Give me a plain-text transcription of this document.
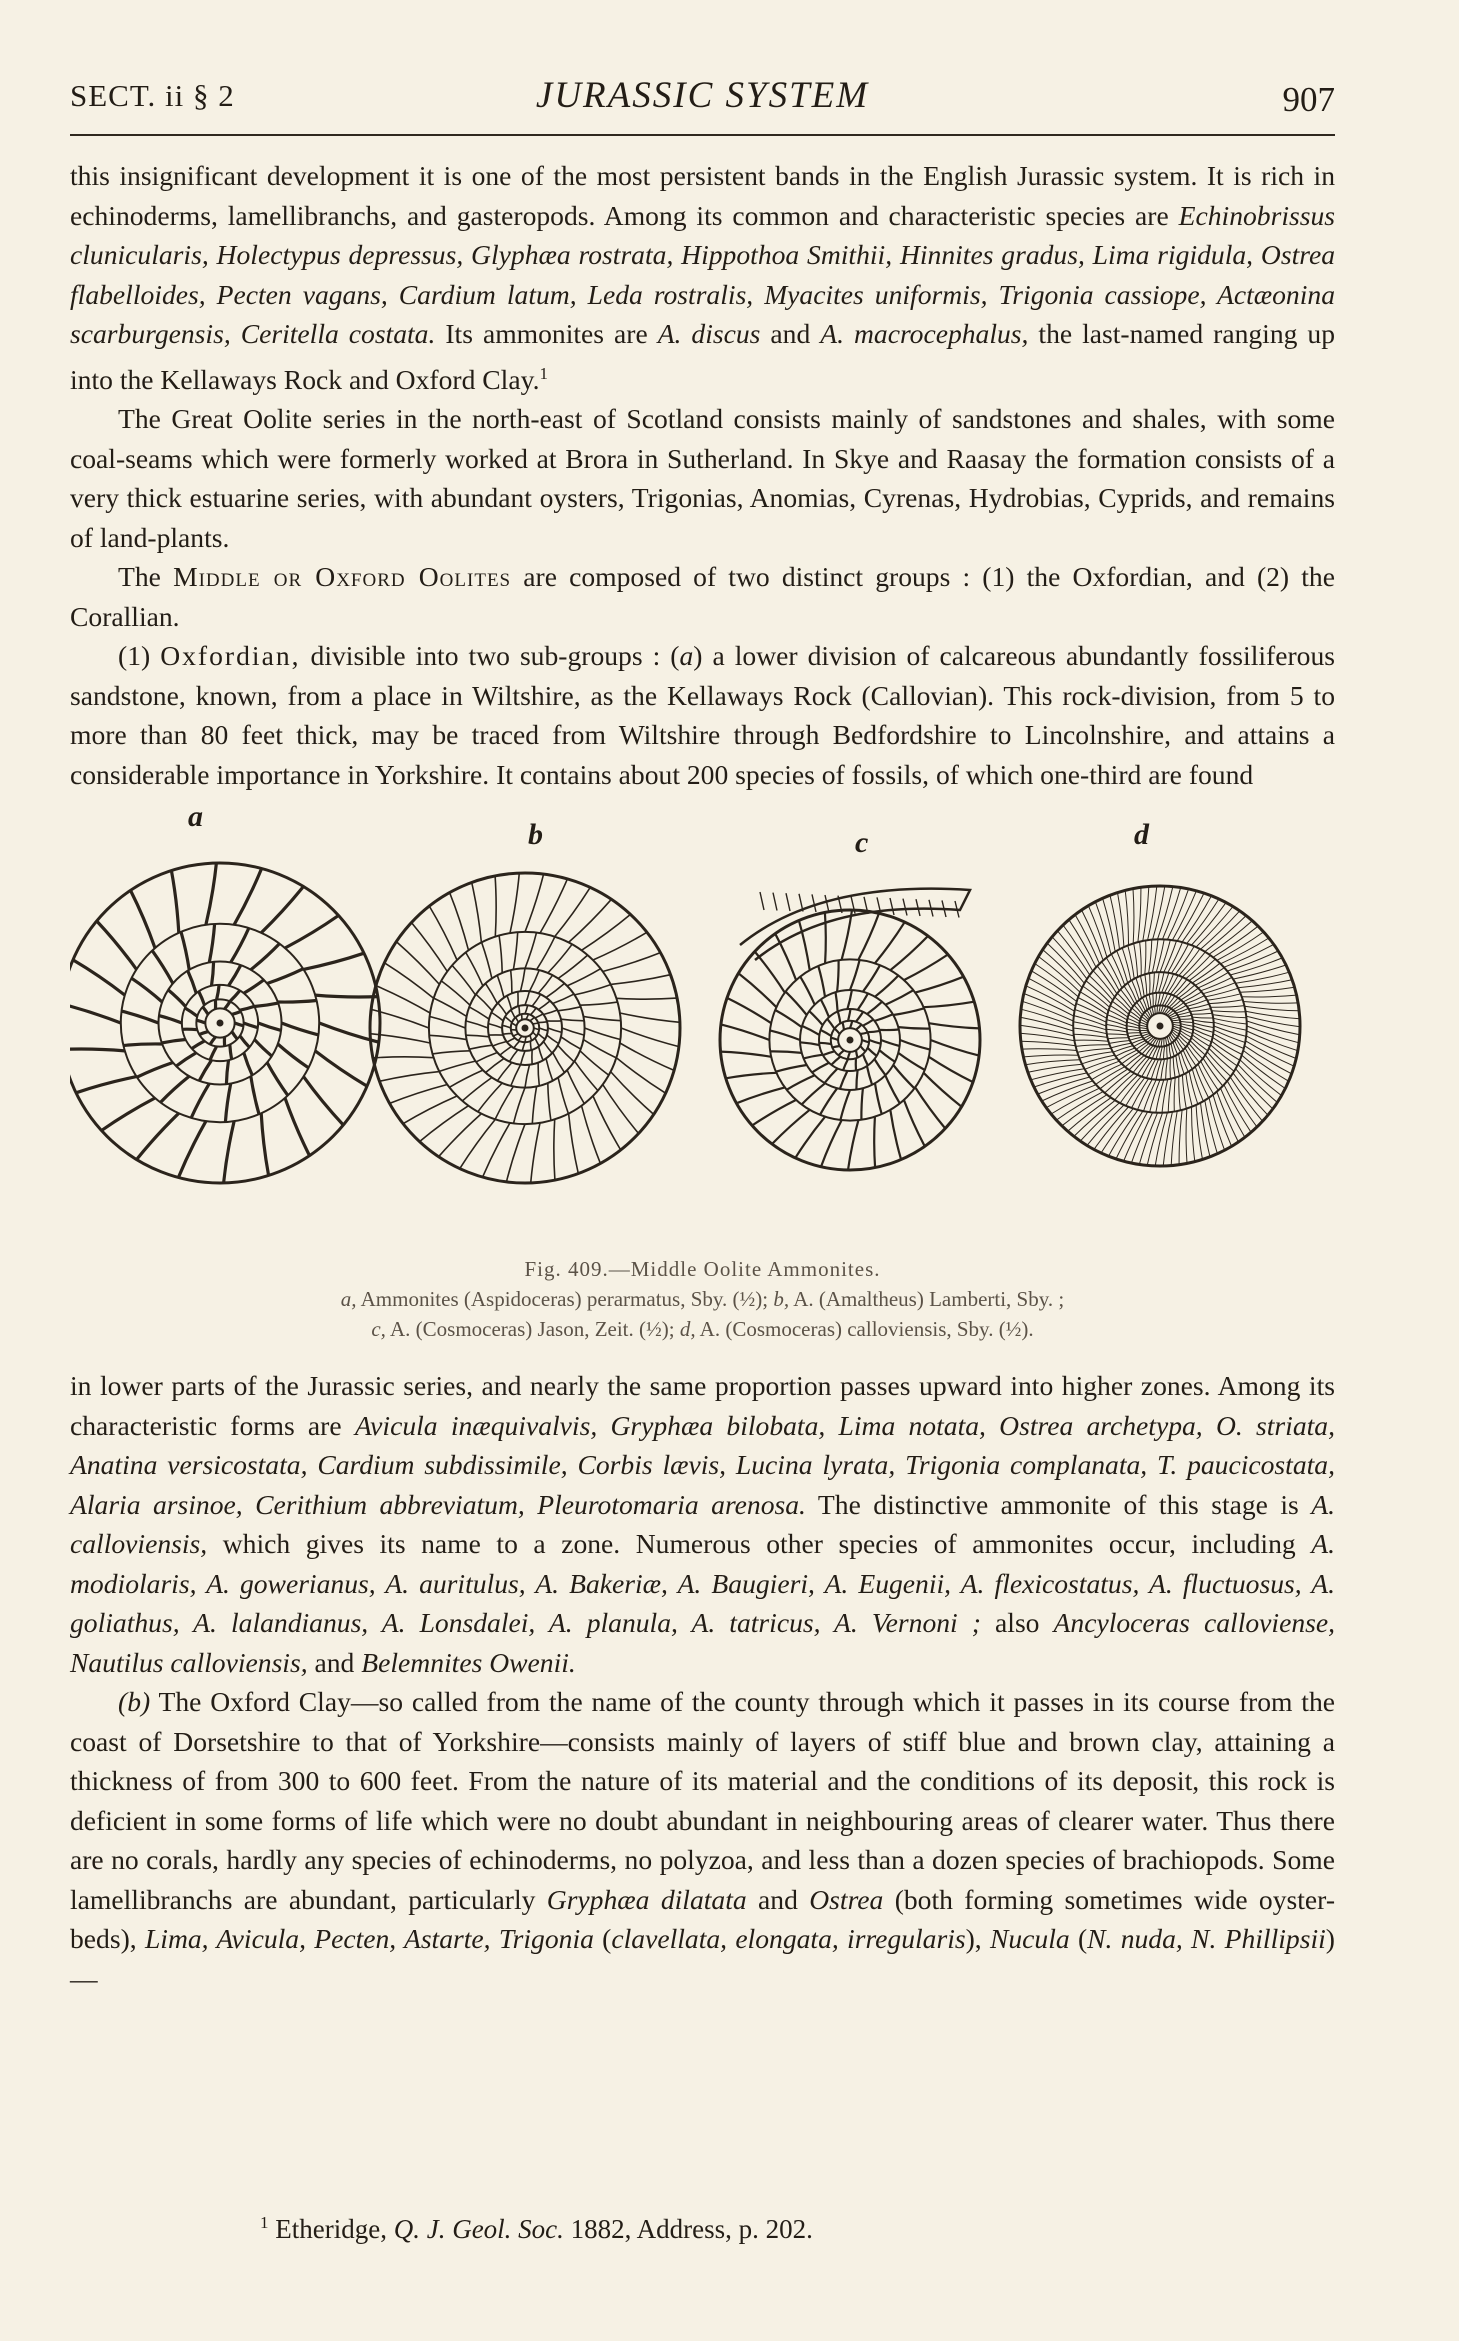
SECT. ii § 2	JURASSIC SYSTEM	907

this insignificant development it is one of the most persistent bands in the English Jurassic system. It is rich in echinoderms, lamellibranchs, and gasteropods. Among its common and characteristic species are Echinobrissus clunicularis, Holectypus depressus, Glyphæa rostrata, Hippothoa Smithii, Hinnites gradus, Lima rigidula, Ostrea flabelloides, Pecten vagans, Cardium latum, Leda rostralis, Myacites uniformis, Trigonia cassiope, Actæonina scarburgensis, Ceritella costata. Its ammonites are A. discus and A. macrocephalus, the last-named ranging up into the Kellaways Rock and Oxford Clay.$^1$

The Great Oolite series in the north-east of Scotland consists mainly of sandstones and shales, with some coal-seams which were formerly worked at Brora in Sutherland. In Skye and Raasay the formation consists of a very thick estuarine series, with abundant oysters, Trigonias, Anomias, Cyrenas, Hydrobias, Cyprids, and remains of land-plants.

The Middle or Oxford Oolites are composed of two distinct groups : (1) the Oxfordian, and (2) the Corallian.

(1) Oxfordian, divisible into two sub-groups : (a) a lower division of calcareous abundantly fossiliferous sandstone, known, from a place in Wiltshire, as the Kellaways Rock (Callovian). This rock-division, from 5 to more than 80 feet thick, may be traced from Wiltshire through Bedfordshire to Lincolnshire, and attains a considerable importance in Yorkshire. It contains about 200 species of fossils, of which one-third are found

a
b	c	d
Fig. 409.—Middle Oolite Ammonites.
a, Ammonites (Aspidoceras) perarmatus, Sby. (½); b, A. (Amaltheus) Lamberti, Sby. ;
c, A. (Cosmoceras) Jason, Zeit. (½); d, A. (Cosmoceras) calloviensis, Sby. (½).

in lower parts of the Jurassic series, and nearly the same proportion passes upward into higher zones. Among its characteristic forms are Avicula inæquivalvis, Gryphæa bilobata, Lima notata, Ostrea archetypa, O. striata, Anatina versicostata, Cardium subdissimile, Corbis lævis, Lucina lyrata, Trigonia complanata, T. paucicostata, Alaria arsinoe, Cerithium abbreviatum, Pleurotomaria arenosa. The distinctive ammonite of this stage is A. calloviensis, which gives its name to a zone. Numerous other species of ammonites occur, including A. modiolaris, A. gowerianus, A. auritulus, A. Bakeriæ, A. Baugieri, A. Eugenii, A. flexicostatus, A. fluctuosus, A. goliathus, A. lalandianus, A. Lonsdalei, A. planula, A. tatricus, A. Vernoni ; also Ancyloceras calloviense, Nautilus calloviensis, and Belemnites Owenii.

(b) The Oxford Clay—so called from the name of the county through which it passes in its course from the coast of Dorsetshire to that of Yorkshire—consists mainly of layers of stiff blue and brown clay, attaining a thickness of from 300 to 600 feet. From the nature of its material and the conditions of its deposit, this rock is deficient in some forms of life which were no doubt abundant in neighbouring areas of clearer water. Thus there are no corals, hardly any species of echinoderms, no polyzoa, and less than a dozen species of brachiopods. Some lamellibranchs are abundant, particularly Gryphæa dilatata and Ostrea (both forming sometimes wide oyster-beds), Lima, Avicula, Pecten, Astarte, Trigonia (clavellata, elongata, irregularis), Nucula (N. nuda, N. Phillipsii)—

$^1$ Etheridge, Q. J. Geol. Soc. 1882, Address, p. 202.
